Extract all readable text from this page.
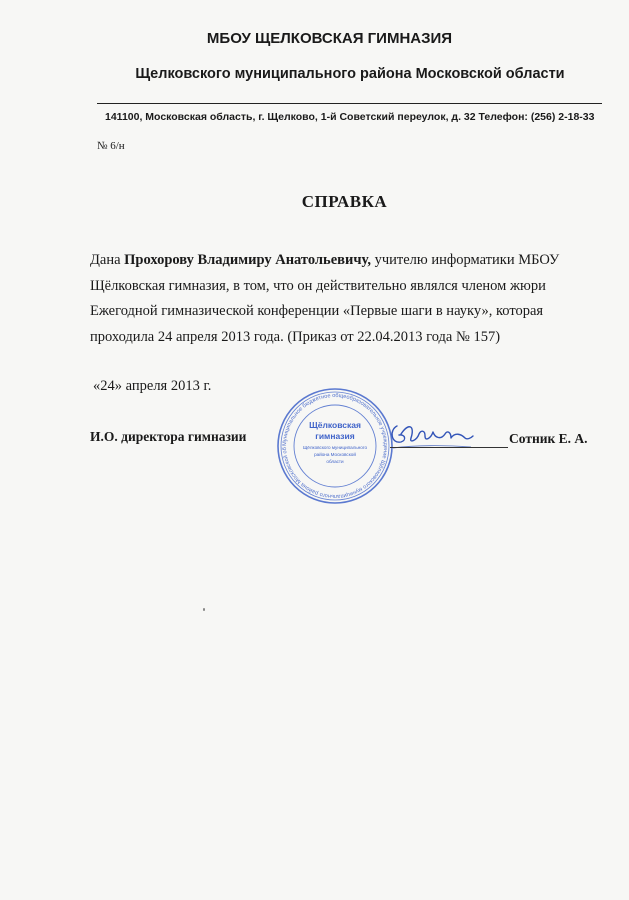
МБОУ ЩЕЛКОВСКАЯ ГИМНАЗИЯ
Щелковского муниципального района Московской области
141100, Московская область, г. Щелково, 1-й Советский переулок, д. 32 Телефон: (256) 2-18-33
№ 6/н
СПРАВКА
Дана Прохорову Владимиру Анатольевичу, учителю информатики МБОУ
Щёлковская гимназия, в том, что он действительно являлся членом жюри
Ежегодной гимназической конференции «Первые шаги в науку», которая
проходила 24 апреля 2013 года. (Приказ от 22.04.2013 года № 157)
«24» апреля 2013 г.
И.О. директора гимназии	Муниципальное бюджетное общеобразовательное учреждение Щёлковского муниципального района Московской об
Щёлковская
гимназия
Щёлковского муниципального
района Московской
области
Сотник Е. А.
